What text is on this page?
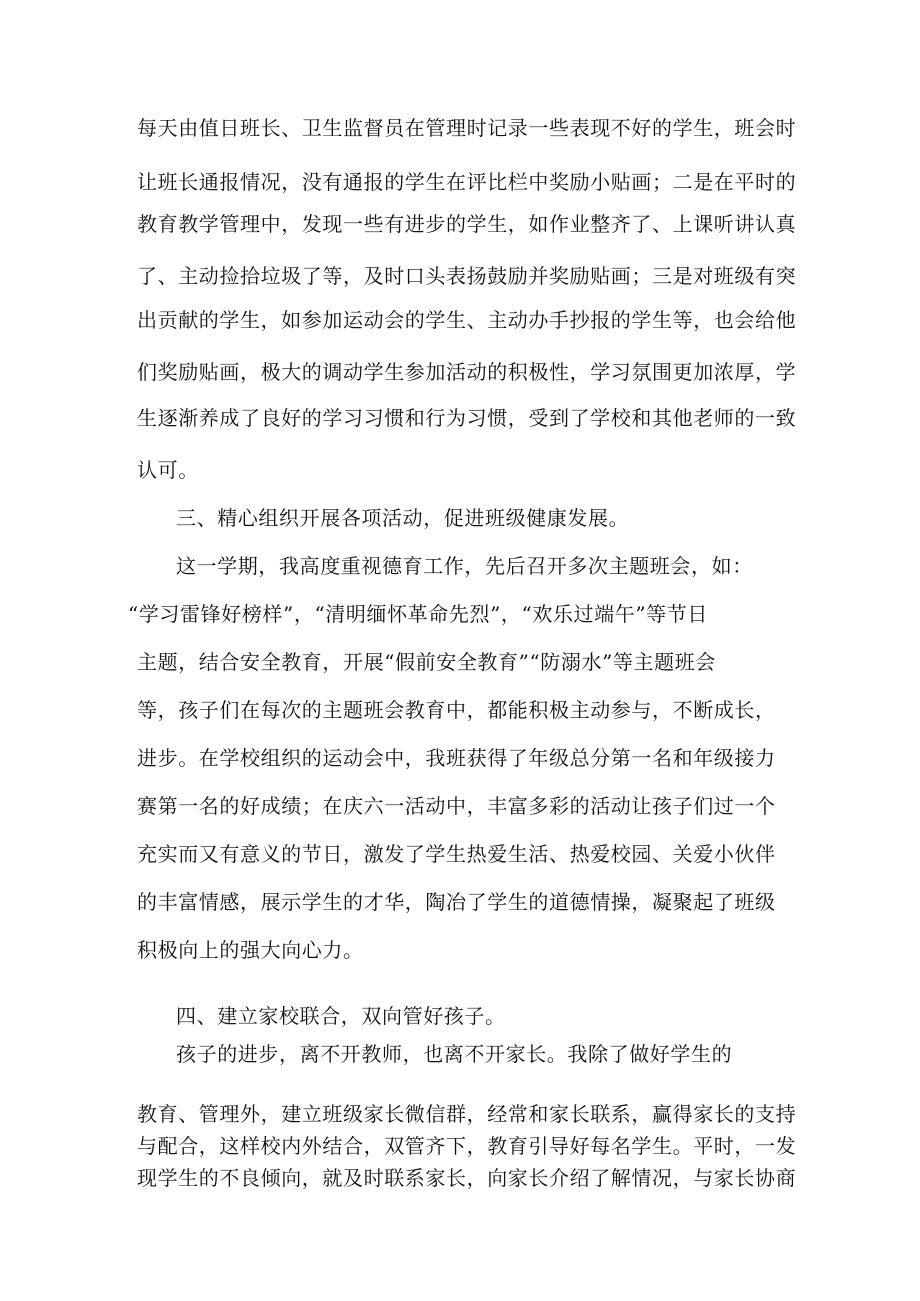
每天由值日班长、卫生监督员在管理时记录一些表现不好的学生，班会时

让班长通报情况，没有通报的学生在评比栏中奖励小贴画；二是在平时的

教育教学管理中，发现一些有进步的学生，如作业整齐了、上课听讲认真

了、主动捡拾垃圾了等，及时口头表扬鼓励并奖励贴画；三是对班级有突

出贡献的学生，如参加运动会的学生、主动办手抄报的学生等，也会给他

们奖励贴画，极大的调动学生参加活动的积极性，学习氛围更加浓厚，学

生逐渐养成了良好的学习习惯和行为习惯，受到了学校和其他老师的一致

认可。

三、精心组织开展各项活动，促进班级健康发展。

这一学期，我高度重视德育工作，先后召开多次主题班会，如：

“学习雷锋好榜样”，“清明缅怀革命先烈”，“欢乐过端午”等节日

主题，结合安全教育，开展“假前安全教育”“防溺水”等主题班会

等，孩子们在每次的主题班会教育中，都能积极主动参与，不断成长，

进步。在学校组织的运动会中，我班获得了年级总分第一名和年级接力

赛第一名的好成绩；在庆六一活动中，丰富多彩的活动让孩子们过一个

充实而又有意义的节日，激发了学生热爱生活、热爱校园、关爱小伙伴

的丰富情感，展示学生的才华，陶冶了学生的道德情操，凝聚起了班级

积极向上的强大向心力。

四、建立家校联合，双向管好孩子。

孩子的进步，离不开教师，也离不开家长。我除了做好学生的

教育、管理外，建立班级家长微信群，经常和家长联系，赢得家长的支持

与配合，这样校内外结合，双管齐下，教育引导好每名学生。平时，一发

现学生的不良倾向，就及时联系家长，向家长介绍了解情况，与家长协商
